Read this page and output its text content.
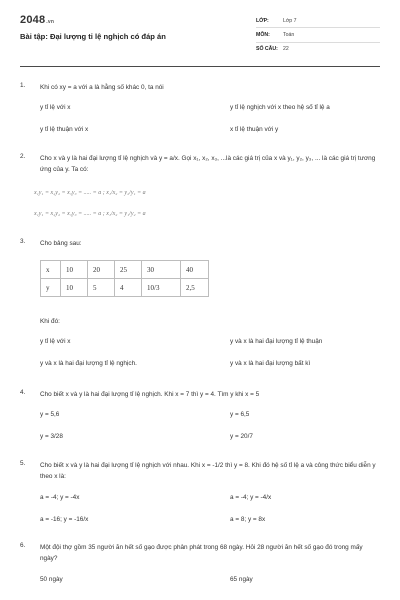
2048.vn
Bài tập: Đại lượng tỉ lệ nghịch có đáp án
LỚP:	Lớp 7
MÔN:	Toán
SỐ CÂU: 22
1.	Khi có xy = a với a là hằng số khác 0, ta nói
y tỉ lệ với x	y tỉ lệ nghịch với x theo hệ số tỉ lệ a
y tỉ lệ thuận với x	x tỉ lệ thuận với y
2.	Cho x và y là hai đại lượng tỉ lệ nghịch và y = a/x. Gọi x₁, x₂, x₃, ...là các giá trị của x và y₁, y₂, y₃, ... là các giá trị tương ứng của y. Ta có:
x₁y₁ = x₂y₂ = x₃y₃ = ..... = a ; x₁/x₂ = y₂/y₁ = a
x₁y₁ = x₂y₂ = x₃y₃ = ..... = a ; x₁/x₂ = y₁/y₂ = a
3.	Cho bảng sau:
x	10	20	25	30	40
y	10	5	4	10/3	2,5
Khi đó:
y tỉ lệ với x	y và x là hai đại lượng tỉ lệ thuận
y và x là hai đại lượng tỉ lệ nghịch.	y và x là hai đại lượng bất kì
4.	Cho biết x và y là hai đại lượng tỉ lệ nghịch. Khi x = 7 thì y = 4. Tìm y khi x = 5
y = 5,6	y = 6,5
y = 3/28	y = 20/7
5.	Cho biết x và y là hai đại lượng tỉ lệ nghịch với nhau. Khi x = -1/2 thì y = 8. Khi đó hệ số tỉ lệ a và công thức biểu diễn y theo x là:
a = -4; y = -4x	a = -4; y = -4/x
a = -16; y = -16/x	a = 8; y = 8x
6.	Một đội thợ gồm 35 người ăn hết số gạo được phân phát trong 68 ngày. Hỏi 28 người ăn hết số gạo đó trong mấy ngày?
50 ngày	65 ngày
